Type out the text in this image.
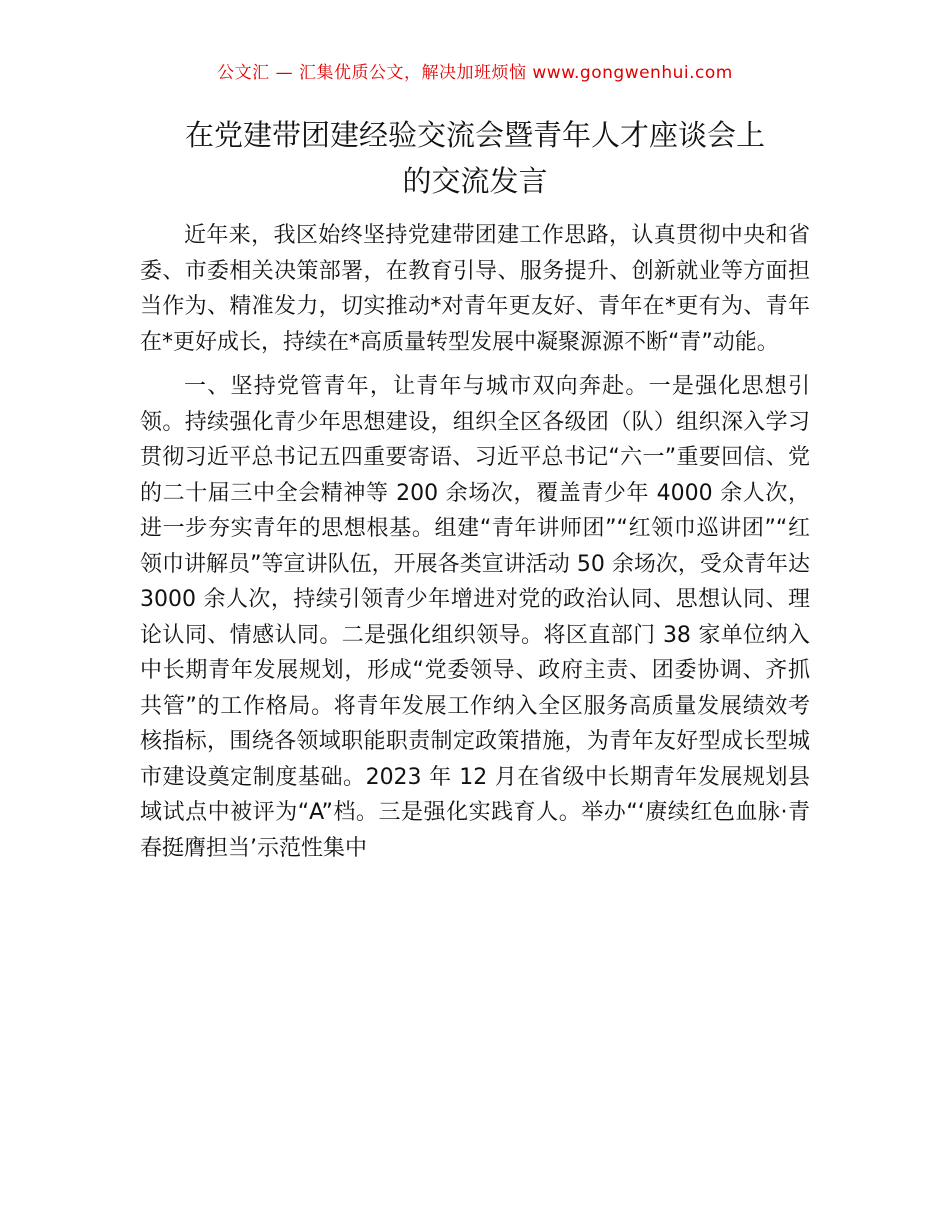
公文汇 — 汇集优质公文，解决加班烦恼 www.gongwenhui.com
在党建带团建经验交流会暨青年人才座谈会上
的交流发言

近年来，我区始终坚持党建带团建工作思路，认真贯彻中央和省委、市委相关决策部署，在教育引导、服务提升、创新就业等方面担当作为、精准发力，切实推动*对青年更友好、青年在*更有为、青年在*更好成长，持续在*高质量转型发展中凝聚源源不断“青”动能。

一、坚持党管青年，让青年与城市双向奔赴。一是强化思想引领。持续强化青少年思想建设，组织全区各级团（队）组织深入学习贯彻习近平总书记五四重要寄语、习近平总书记“六一”重要回信、党的二十届三中全会精神等 200 余场次，覆盖青少年 4000 余人次，进一步夯实青年的思想根基。组建“青年讲师团”“红领巾巡讲团”“红领巾讲解员”等宣讲队伍，开展各类宣讲活动 50 余场次，受众青年达 3000 余人次，持续引领青少年增进对党的政治认同、思想认同、理论认同、情感认同。二是强化组织领导。将区直部门 38 家单位纳入中长期青年发展规划，形成“党委领导、政府主责、团委协调、齐抓共管”的工作格局。将青年发展工作纳入全区服务高质量发展绩效考核指标，围绕各领域职能职责制定政策措施，为青年友好型成长型城市建设奠定制度基础。2023 年 12 月在省级中长期青年发展规划县域试点中被评为“A”档。三是强化实践育人。举办“‘赓续红色血脉·青春挺膺担当’示范性集中
